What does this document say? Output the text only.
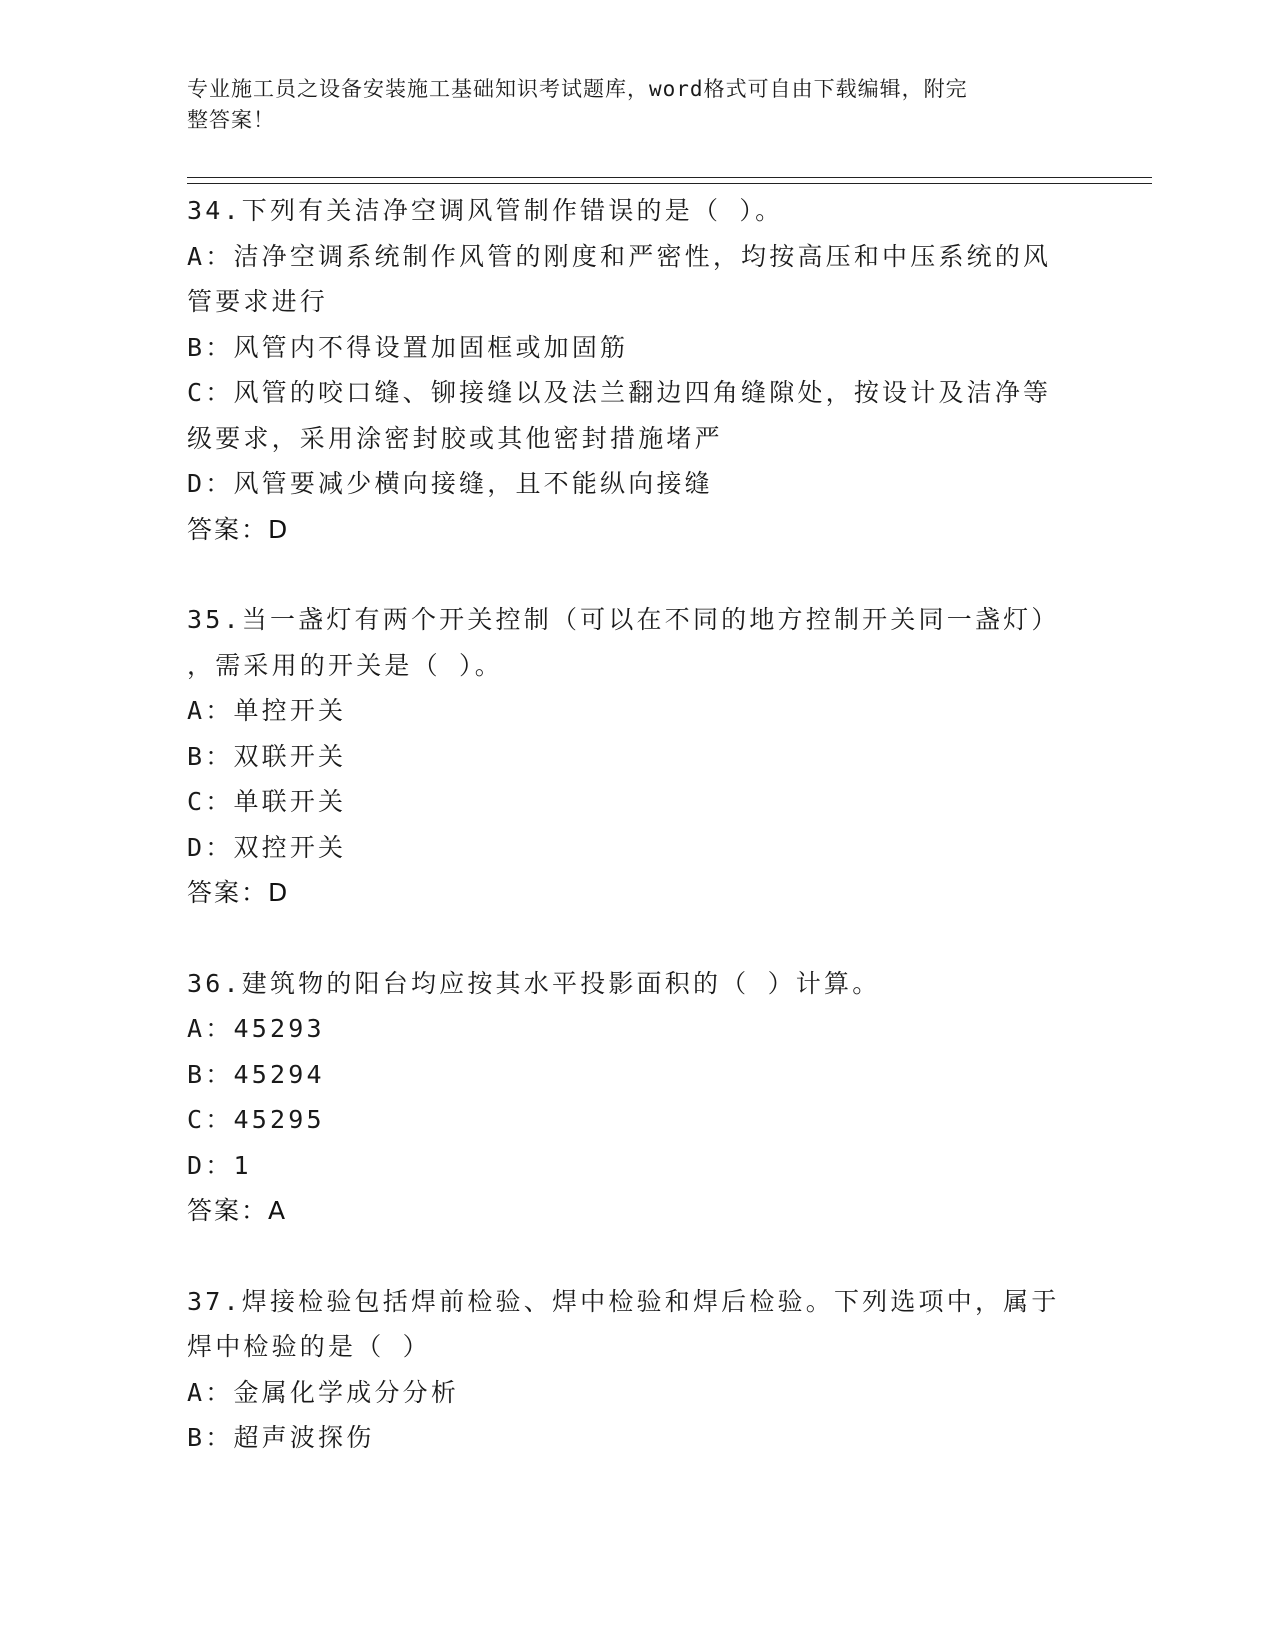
专业施工员之设备安装施工基础知识考试题库，word格式可自由下载编辑，附完
整答案！
34.下列有关洁净空调风管制作错误的是（ ）。
A：洁净空调系统制作风管的刚度和严密性，均按高压和中压系统的风
管要求进行
B：风管内不得设置加固框或加固筋
C：风管的咬口缝、铆接缝以及法兰翻边四角缝隙处，按设计及洁净等
级要求，采用涂密封胶或其他密封措施堵严
D：风管要减少横向接缝，且不能纵向接缝
答案：D
35.当一盏灯有两个开关控制（可以在不同的地方控制开关同一盏灯）
，需采用的开关是（ ）。
A：单控开关
B：双联开关
C：单联开关
D：双控开关
答案：D
36.建筑物的阳台均应按其水平投影面积的（ ）计算。
A：45293
B：45294
C：45295
D：1
答案：A
37.焊接检验包括焊前检验、焊中检验和焊后检验。下列选项中，属于
焊中检验的是（ ）
A：金属化学成分分析
B：超声波探伤
